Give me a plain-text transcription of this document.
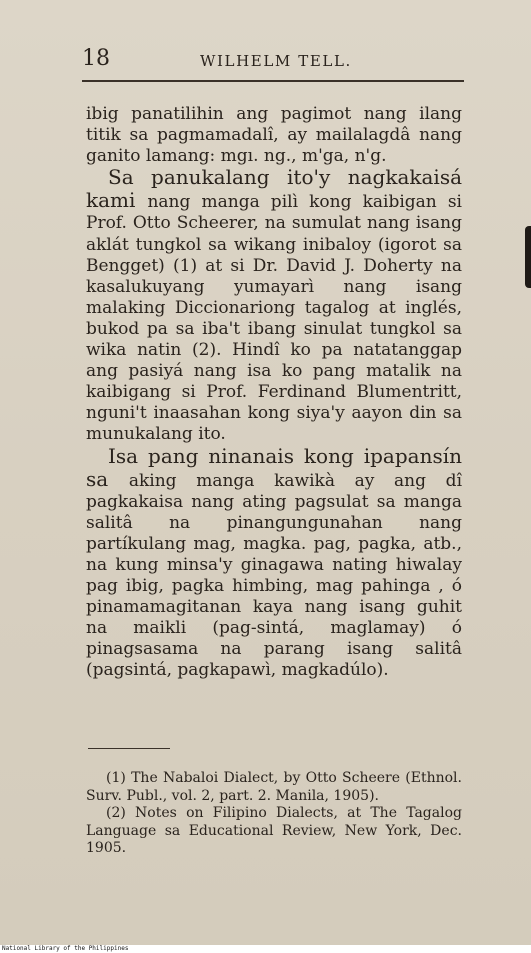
18	WILHELM TELL.

ibig panatilihin ang pagimot nang ilang titik sa pagmamadalî, ay mailalagdâ nang ganito lamang: mgı. ng., m'ga, n'g.

Sa panukalang ito'y nagkakaisá kami nang manga pilì kong kaibigan si Prof. Otto Scheerer, na sumulat nang isang aklát tungkol sa wikang inibaloy (igorot sa Bengget) (1) at si Dr. David J. Doherty na kasalukuyang yumayarì nang isang malaking Diccionariong tagalog at inglés, bukod pa sa iba't ibang sinulat tungkol sa wika natin (2). Hindî ko pa natatanggap ang pasiyá nang isa ko pang matalik na kaibigang si Prof. Ferdinand Blumentritt, nguni't inaasahan kong siya'y aayon din sa munukalang ito.

Isa pang ninanais kong ipapansín sa aking manga kawikà ay ang dî pagkakaisa nang ating pagsulat sa manga salitâ na pinangungunahan nang partíkulang mag, magka. pag, pagka, atb., na kung minsa'y ginagawa nating hiwalay pag ibig, pagka himbing, mag pahinga , ó pinamamagitanan kaya nang isang guhit na maikli (pag-sintá, maglamay) ó pinagsasama na parang isang salitâ (pagsintá, pagkapawì, magkadúlo).

(1) The Nabaloi Dialect, by Otto Scheere (Ethnol. Surv. Publ., vol. 2, part. 2. Manila, 1905).

(2) Notes on Filipino Dialects, at The Tagalog Language sa Educational Review, New York, Dec. 1905.

National Library of the Philippines
